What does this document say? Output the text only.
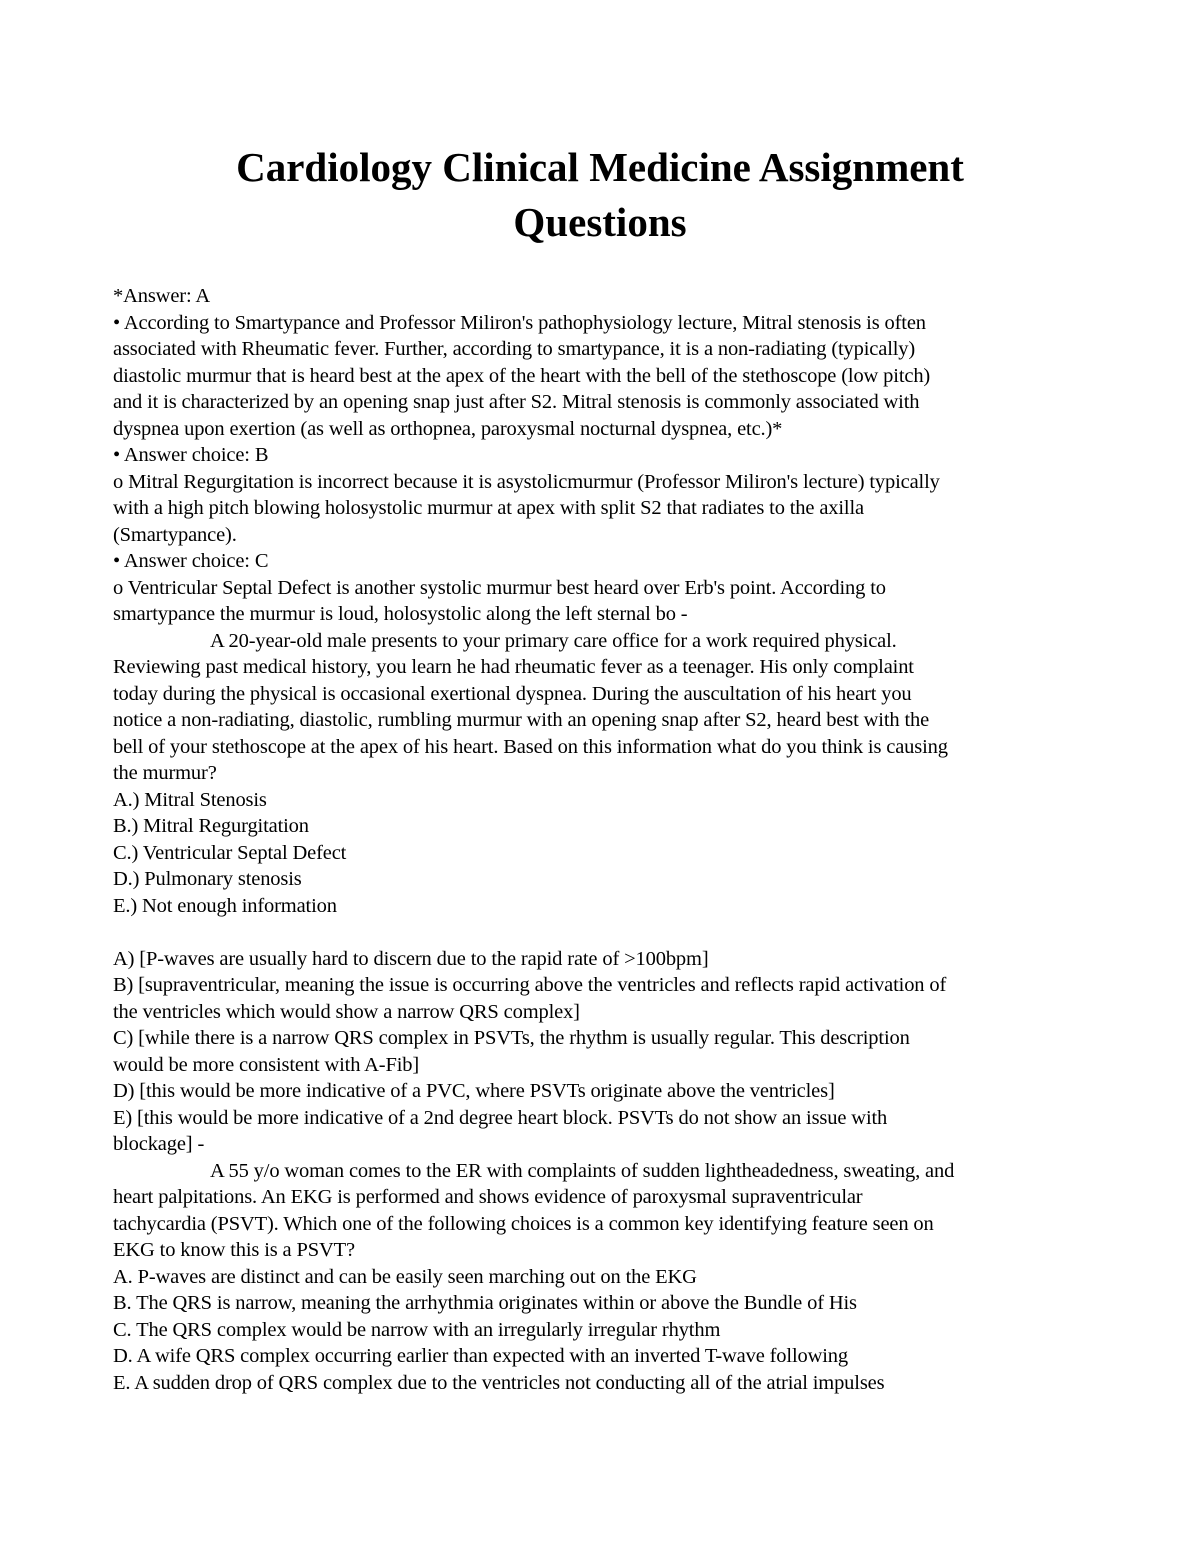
Cardiology Clinical Medicine Assignment
Questions
*Answer: A
• According to Smartypance and Professor Miliron's pathophysiology lecture, Mitral stenosis is often
associated with Rheumatic fever. Further, according to smartypance, it is a non-radiating (typically)
diastolic murmur that is heard best at the apex of the heart with the bell of the stethoscope (low pitch)
and it is characterized by an opening snap just after S2. Mitral stenosis is commonly associated with
dyspnea upon exertion (as well as orthopnea, paroxysmal nocturnal dyspnea, etc.)*
• Answer choice: B
o Mitral Regurgitation is incorrect because it is asystolicmurmur (Professor Miliron's lecture) typically
with a high pitch blowing holosystolic murmur at apex with split S2 that radiates to the axilla
(Smartypance).
• Answer choice: C
o Ventricular Septal Defect is another systolic murmur best heard over Erb's point. According to
smartypance the murmur is loud, holosystolic along the left sternal bo -
A 20-year-old male presents to your primary care office for a work required physical.
Reviewing past medical history, you learn he had rheumatic fever as a teenager. His only complaint
today during the physical is occasional exertional dyspnea. During the auscultation of his heart you
notice a non-radiating, diastolic, rumbling murmur with an opening snap after S2, heard best with the
bell of your stethoscope at the apex of his heart. Based on this information what do you think is causing
the murmur?
A.) Mitral Stenosis
B.) Mitral Regurgitation
C.) Ventricular Septal Defect
D.) Pulmonary stenosis
E.) Not enough information
A) [P-waves are usually hard to discern due to the rapid rate of >100bpm]
B) [supraventricular, meaning the issue is occurring above the ventricles and reflects rapid activation of
the ventricles which would show a narrow QRS complex]
C) [while there is a narrow QRS complex in PSVTs, the rhythm is usually regular. This description
would be more consistent with A-Fib]
D) [this would be more indicative of a PVC, where PSVTs originate above the ventricles]
E) [this would be more indicative of a 2nd degree heart block. PSVTs do not show an issue with
blockage] -
A 55 y/o woman comes to the ER with complaints of sudden lightheadedness, sweating, and
heart palpitations. An EKG is performed and shows evidence of paroxysmal supraventricular
tachycardia (PSVT). Which one of the following choices is a common key identifying feature seen on
EKG to know this is a PSVT?
A. P-waves are distinct and can be easily seen marching out on the EKG
B. The QRS is narrow, meaning the arrhythmia originates within or above the Bundle of His
C. The QRS complex would be narrow with an irregularly irregular rhythm
D. A wife QRS complex occurring earlier than expected with an inverted T-wave following
E. A sudden drop of QRS complex due to the ventricles not conducting all of the atrial impulses
